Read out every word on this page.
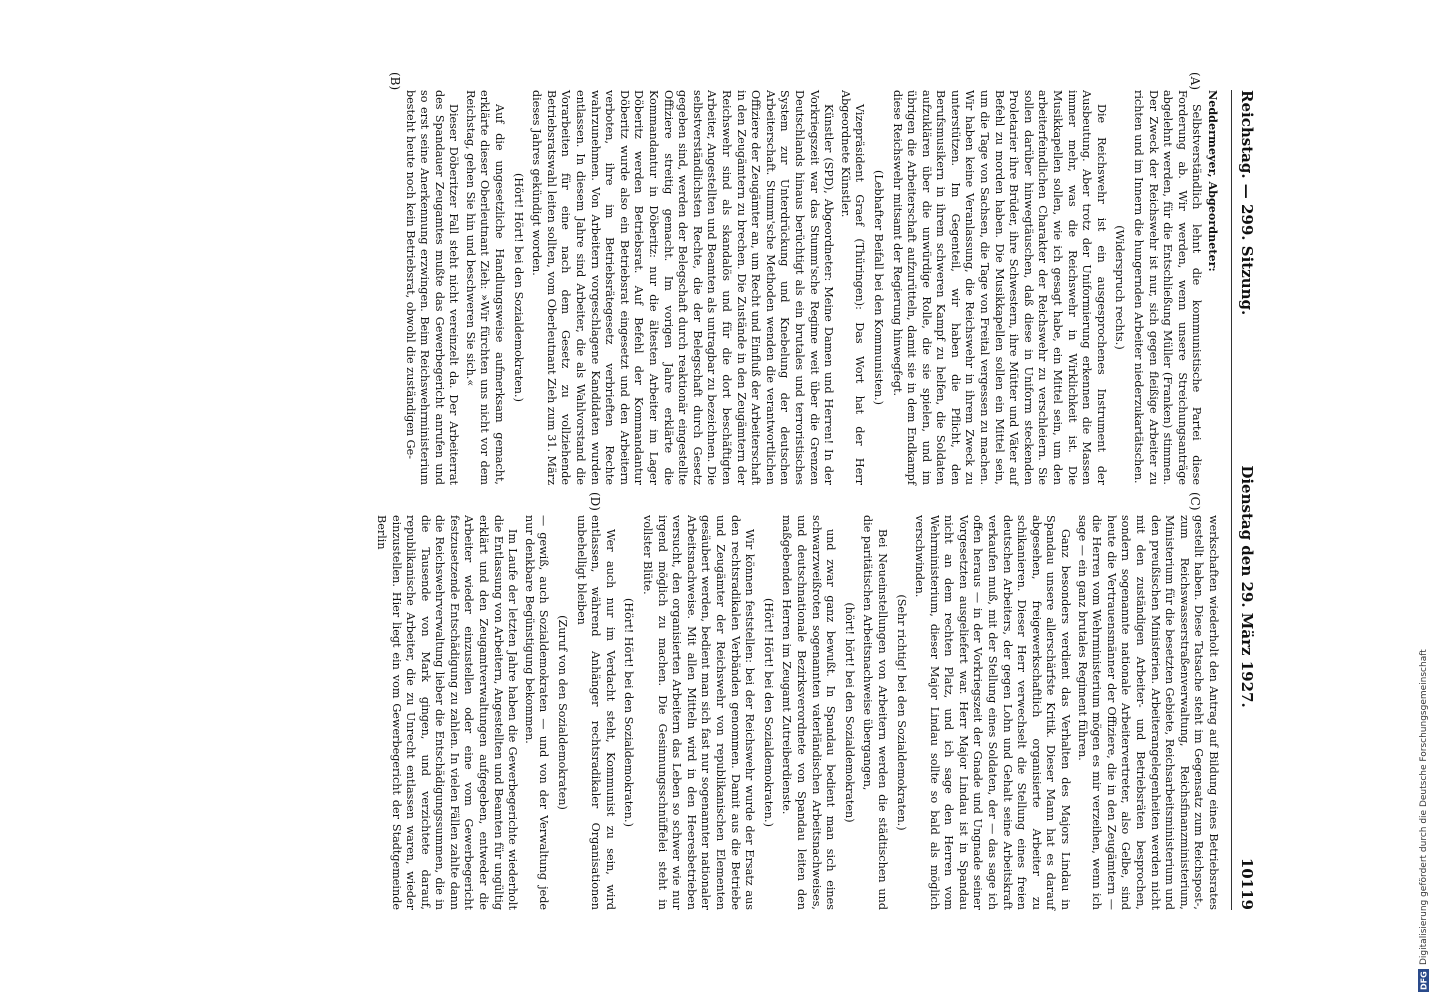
Reichstag. — 299. Sitzung.
Dienstag den 29. März 1927.
10119
(A)
(B)
(C)
(D)

Neddermeyer, Abgeordneter:

Selbstverständlich lehnt die kommunistische Partei diese Forderung ab. Wir werden, wenn unsere Streichungsanträge abgelehnt werden, für die Entschließung Müller (Franken) stimmen. Der Zweck der Reichswehr ist nur, sich gegen fleißige Arbeiter zu richten und im Innern die hungernden Arbeiter niederzukartätschen.

(Widerspruch rechts.)

Die Reichswehr ist ein ausgesprochenes Instrument der Ausbeutung. Aber trotz der Uniformierung erkennen die Massen immer mehr, was die Reichswehr in Wirklichkeit ist. Die Musikkapellen sollen, wie ich gesagt habe, ein Mittel sein, um den arbeiterfeindlichen Charakter der Reichswehr zu verschleiern. Sie sollen darüber hinwegtäuschen, daß diese in Uniform steckenden Proletarier ihre Brüder, ihre Schwestern, ihre Mütter und Väter auf Befehl zu morden haben. Die Musikkapellen sollen ein Mittel sein, um die Tage von Sachsen, die Tage von Freital vergessen zu machen. Wir haben keine Veranlassung, die Reichswehr in ihrem Zweck zu unterstützen. Im Gegenteil, wir haben die Pflicht, den Berufsmusikern in ihrem schweren Kampf zu helfen, die Soldaten aufzuklären über die unwürdige Rolle, die sie spielen, und im übrigen die Arbeiterschaft aufzurütteln, damit sie in dem Endkampf diese Reichswehr mitsamt der Regierung hinwegfegt.

(Lebhafter Beifall bei den Kommunisten.)

Vizepräsident Graef (Thüringen): Das Wort hat der Herr Abgeordnete Künstler.

Künstler (SPD), Abgeordneter: Meine Damen und Herren! In der Vorkriegszeit war das Stumm'sche Regime weit über die Grenzen Deutschlands hinaus berüchtigt als ein brutales und terroristisches System zur Unterdrückung und Knebelung der deutschen Arbeiterschaft. Stumm'sche Methoden wenden die verantwortlichen Offiziere der Zeugämter an, um Recht und Einfluß der Arbeiterschaft in den Zeugämtern zu brechen. Die Zustände in den Zeugämtern der Reichswehr sind als skandalös und für die dort beschäftigten Arbeiter, Angestellten und Beamten als untragbar zu bezeichnen. Die selbstverständlichsten Rechte, die der Belegschaft durch Gesetz gegeben sind, werden der Belegschaft durch reaktionär eingestellte Offiziere streitig gemacht. Im vorigen Jahre erklärte die Kommandantur in Döberitz: nur die ältesten Arbeiter im Lager Döberitz werden Betriebsrat. Auf Befehl der Kommandantur Döberitz wurde also ein Betriebsrat eingesetzt und den Arbeitern verboten, ihre im Betriebsrätegesetz verbrieften Rechte wahrzunehmen. Von Arbeitern vorgeschlagene Kandidaten wurden entlassen. In diesem Jahre sind Arbeiter, die als Wahlvorstand die Vorarbeiten für eine nach dem Gesetz zu vollziehende Betriebsratswahl leiten sollten, vom Oberleutnant Zieh zum 31. März dieses Jahres gekündigt worden.

(Hört! Hört! bei den Sozialdemokraten.)

Auf die ungesetzliche Handlungsweise aufmerksam gemacht, erklärte dieser Oberleutnant Zieh: »Wir fürchten uns nicht vor dem Reichstag, gehen Sie hin und beschweren Sie sich.«

Dieser Döberitzer Fall steht nicht vereinzelt da. Der Arbeiterrat des Spandauer Zeugamtes mußte das Gewerbegericht anrufen und so erst seine Anerkennung erzwingen. Beim Reichswehrministerium besteht heute noch kein Betriebsrat, obwohl die zuständigen Ge-

werkschaften wiederholt den Antrag auf Bildung eines Betriebsrates gestellt haben. Diese Tatsache steht im Gegensatz zum Reichspost-, zum Reichswasserstraßenverwaltung, Reichsfinanzministerium, Ministerium für die besetzten Gebiete, Reichsarbeitsministerium und den preußischen Ministerien. Arbeiterangelegenheiten werden nicht mit den zuständigen Arbeiter- und Betriebsräten besprochen, sondern sogenannte nationale Arbeitervertreter, also Gelbe, sind heute die Vertrauensmänner der Offiziere, die in den Zeugämtern — die Herren vom Wehrministerium mögen es mir verzeihen, wenn ich sage — ein ganz brutales Regiment führen.

Ganz besonders verdient das Verhalten des Majors Lindau in Spandau unsere allerschärfste Kritik. Dieser Mann hat es darauf abgesehen, freigewerkschaftlich organisierte Arbeiter zu schikanieren. Dieser Herr verwechselt die Stellung eines freien deutschen Arbeiters, der gegen Lohn und Gehalt seine Arbeitskraft verkaufen muß, mit der Stellung eines Soldaten, der — das sage ich offen heraus — in der Vorkriegszeit der Gnade und Ungnade seiner Vorgesetzten ausgeliefert war. Herr Major Lindau ist in Spandau nicht an dem rechten Platz, und ich sage den Herren vom Wehrministerium, dieser Major Lindau sollte so bald als möglich verschwinden.

(Sehr richtig! bei den Sozialdemokraten.)

Bei Neueinstellungen von Arbeitern werden die städtischen und die paritätischen Arbeitsnachweise übergangen,

(hört! hört! bei den Sozialdemokraten)

und zwar ganz bewußt. In Spandau bedient man sich eines schwarzweißroten sogenannten vaterländischen Arbeitsnachweises, und deutschnationale Bezirksverordnete von Spandau leiten den maßgebenden Herren im Zeugamt Zutreiberdienste.

(Hört! Hört! bei den Sozialdemokraten.)

Wir können feststellen: bei der Reichswehr wurde der Ersatz aus den rechtsradikalen Verbänden genommen. Damit aus die Betriebe und Zeugämter der Reichswehr von republikanischen Elementen gesäubert werden, bedient man sich fast nur sogenannter nationaler Arbeitsnachweise. Mit allen Mitteln wird in den Heeresbetrieben versucht, den organisierten Arbeitern das Leben so schwer wie nur irgend möglich zu machen. Die Gesinnungsschnüffelei steht in vollster Blüte.

(Hört! Hört! bei den Sozialdemokraten.)

Wer auch nur im Verdacht steht, Kommunist zu sein, wird entlassen, während Anhänger rechtsradikaler Organisationen unbehelligt bleiben

(Zuruf von den Sozialdemokraten)

— gewiß, auch Sozialdemokraten — und von der Verwaltung jede nur denkbare Begünstigung bekommen.

Im Laufe der letzten Jahre haben die Gewerbegerichte wiederholt die Entlassung von Arbeitern, Angestellten und Beamten für ungültig erklärt und den Zeugamtverwaltungen aufgegeben, entweder die Arbeiter wieder einzustellen oder eine vom Gewerbegericht festzusetzende Entschädigung zu zahlen. In vielen Fällen zahlte dann die Reichswehrverwaltung lieber die Entschädigungssummen, die in die Tausende von Mark gingen, und verzichtete darauf, republikanische Arbeiter, die zu Unrecht entlassen waren, wieder einzustellen. Hier liegt ein vom Gewerbegericht der Stadtgemeinde Berlin

DFG
Digitalisierung gefördert durch die Deutsche Forschungsgemeinschaft
